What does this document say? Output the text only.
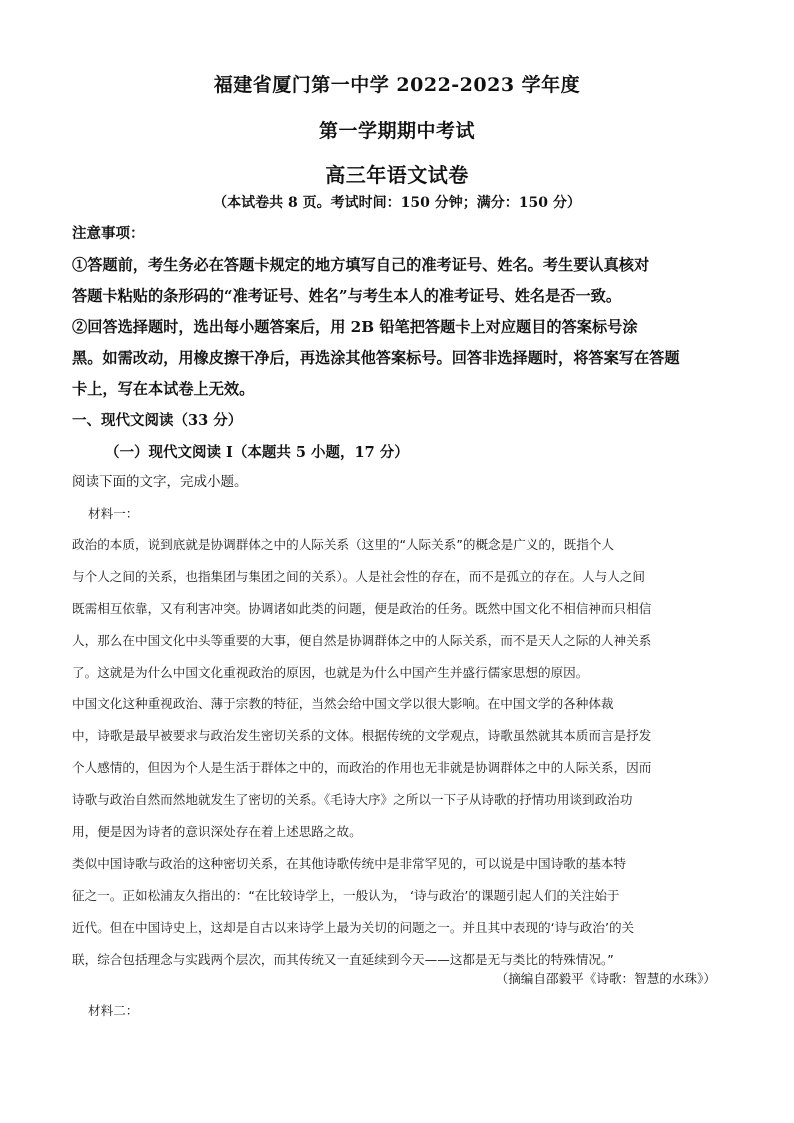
福建省厦门第一中学 2022-2023 学年度
第一学期期中考试
高三年语文试卷
（本试卷共 8 页。考试时间：150 分钟；满分：150 分）
注意事项：
①答题前，考生务必在答题卡规定的地方填写自己的准考证号、姓名。考生要认真核对
答题卡粘贴的条形码的“准考证号、姓名”与考生本人的准考证号、姓名是否一致。
②回答选择题时，选出每小题答案后，用 2B 铅笔把答题卡上对应题目的答案标号涂
黑。如需改动，用橡皮擦干净后，再选涂其他答案标号。回答非选择题时，将答案写在答题
卡上，写在本试卷上无效。
一、现代文阅读（33 分）
（一）现代文阅读 I（本题共 5 小题，17 分）
阅读下面的文字，完成小题。
材料一：
政治的本质，说到底就是协调群体之中的人际关系（这里的“人际关系”的概念是广义的，既指个人
与个人之间的关系，也指集团与集团之间的关系）。人是社会性的存在，而不是孤立的存在。人与人之间
既需相互依靠，又有利害冲突。协调诸如此类的问题，便是政治的任务。既然中国文化不相信神而只相信
人，那么在中国文化中头等重要的大事，便自然是协调群体之中的人际关系，而不是天人之际的人神关系
了。这就是为什么中国文化重视政治的原因，也就是为什么中国产生并盛行儒家思想的原因。
中国文化这种重视政治、薄于宗教的特征，当然会给中国文学以很大影响。在中国文学的各种体裁
中，诗歌是最早被要求与政治发生密切关系的文体。根据传统的文学观点，诗歌虽然就其本质而言是抒发
个人感情的，但因为个人是生活于群体之中的，而政治的作用也无非就是协调群体之中的人际关系，因而
诗歌与政治自然而然地就发生了密切的关系。《毛诗大序》之所以一下子从诗歌的抒情功用谈到政治功
用，便是因为诗者的意识深处存在着上述思路之故。
类似中国诗歌与政治的这种密切关系，在其他诗歌传统中是非常罕见的，可以说是中国诗歌的基本特
征之一。正如松浦友久指出的：“在比较诗学上，一般认为， ‘诗与政治’的课题引起人们的关注始于
近代。但在中国诗史上，这却是自古以来诗学上最为关切的问题之一。并且其中表现的‘诗与政治’的关
联，综合包括理念与实践两个层次，而其传统又一直延续到今天——这都是无与类比的特殊情况。”
（摘编自邵毅平《诗歌：智慧的水珠》）
材料二：
